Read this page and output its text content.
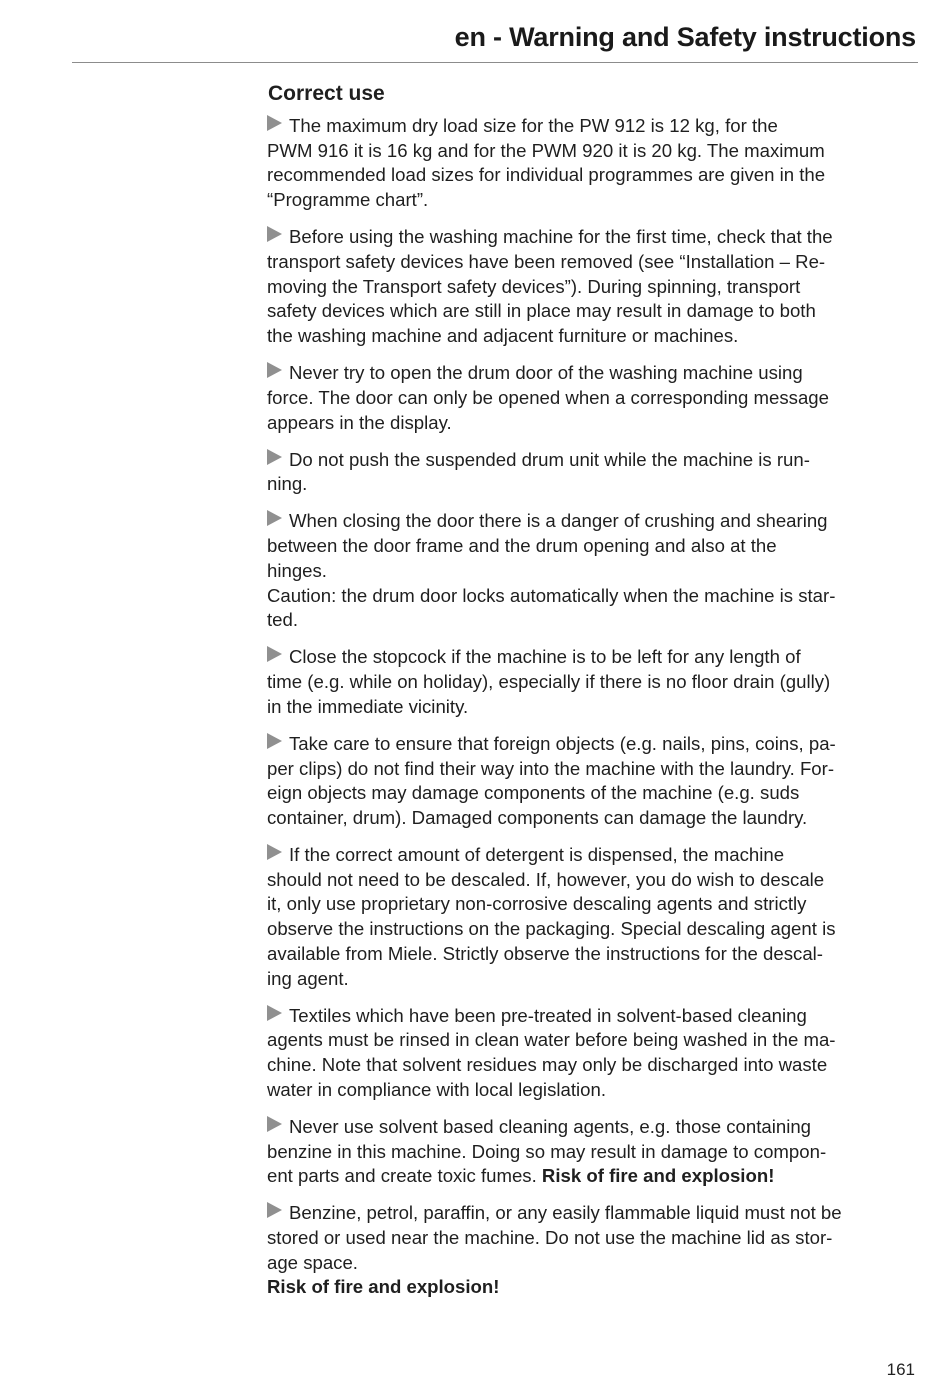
en - Warning and Safety instructions
Correct use
The maximum dry load size for the PW 912 is 12 kg, for the
PWM 916 it is 16 kg and for the PWM 920 it is 20 kg. The maximum
recommended load sizes for individual programmes are given in the
“Programme chart”.
Before using the washing machine for the first time, check that the
transport safety devices have been removed (see “Installation – Re-
moving the Transport safety devices”). During spinning, transport
safety devices which are still in place may result in damage to both
the washing machine and adjacent furniture or machines.
Never try to open the drum door of the washing machine using
force. The door can only be opened when a corresponding message
appears in the display.
Do not push the suspended drum unit while the machine is run-
ning.
When closing the door there is a danger of crushing and shearing
between the door frame and the drum opening and also at the
hinges.
Caution: the drum door locks automatically when the machine is star-
ted.
Close the stopcock if the machine is to be left for any length of
time (e.g. while on holiday), especially if there is no floor drain (gully)
in the immediate vicinity.
Take care to ensure that foreign objects (e.g. nails, pins, coins, pa-
per clips) do not find their way into the machine with the laundry. For-
eign objects may damage components of the machine (e.g. suds
container, drum). Damaged components can damage the laundry.
If the correct amount of detergent is dispensed, the machine
should not need to be descaled. If, however, you do wish to descale
it, only use proprietary non-corrosive descaling agents and strictly
observe the instructions on the packaging. Special descaling agent is
available from Miele. Strictly observe the instructions for the descal-
ing agent.
Textiles which have been pre-treated in solvent-based cleaning
agents must be rinsed in clean water before being washed in the ma-
chine. Note that solvent residues may only be discharged into waste
water in compliance with local legislation.
Never use solvent based cleaning agents, e.g. those containing
benzine in this machine. Doing so may result in damage to compon-
ent parts and create toxic fumes. Risk of fire and explosion!
Benzine, petrol, paraffin, or any easily flammable liquid must not be
stored or used near the machine. Do not use the machine lid as stor-
age space.
Risk of fire and explosion!
161
